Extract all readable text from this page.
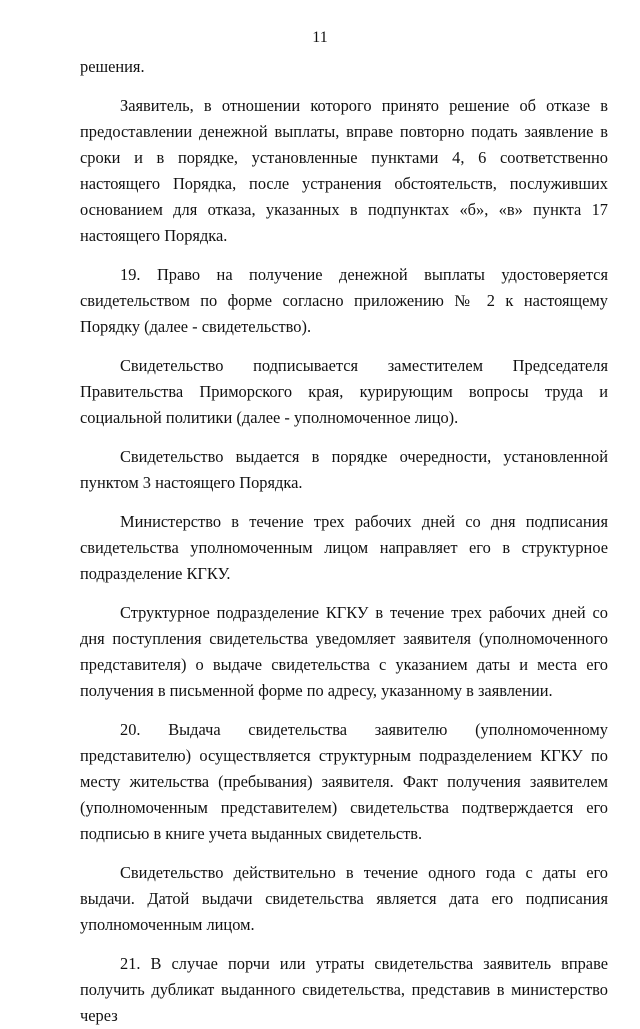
11

решения.

Заявитель, в отношении которого принято решение об отказе в предоставлении денежной выплаты, вправе повторно подать заявление в сроки и в порядке, установленные пунктами 4, 6 соответственно настоящего Порядка, после устранения обстоятельств, послуживших основанием для отказа, указанных в подпунктах «б», «в» пункта 17 настоящего Порядка.

19. Право на получение денежной выплаты удостоверяется свидетельством по форме согласно приложению № 2 к настоящему Порядку (далее - свидетельство).

Свидетельство подписывается заместителем Председателя Правительства Приморского края, курирующим вопросы труда и социальной политики (далее - уполномоченное лицо).

Свидетельство выдается в порядке очередности, установленной пунктом 3 настоящего Порядка.

Министерство в течение трех рабочих дней со дня подписания свидетельства уполномоченным лицом направляет его в структурное подразделение КГКУ.

Структурное подразделение КГКУ в течение трех рабочих дней со дня поступления свидетельства уведомляет заявителя (уполномоченного представителя) о выдаче свидетельства с указанием даты и места его получения в письменной форме по адресу, указанному в заявлении.

20. Выдача свидетельства заявителю (уполномоченному представителю) осуществляется структурным подразделением КГКУ по месту жительства (пребывания) заявителя. Факт получения заявителем (уполномоченным представителем) свидетельства подтверждается его подписью в книге учета выданных свидетельств.

Свидетельство действительно в течение одного года с даты его выдачи. Датой выдачи свидетельства является дата его подписания уполномоченным лицом.

21. В случае порчи или утраты свидетельства заявитель вправе получить дубликат выданного свидетельства, представив в министерство через
